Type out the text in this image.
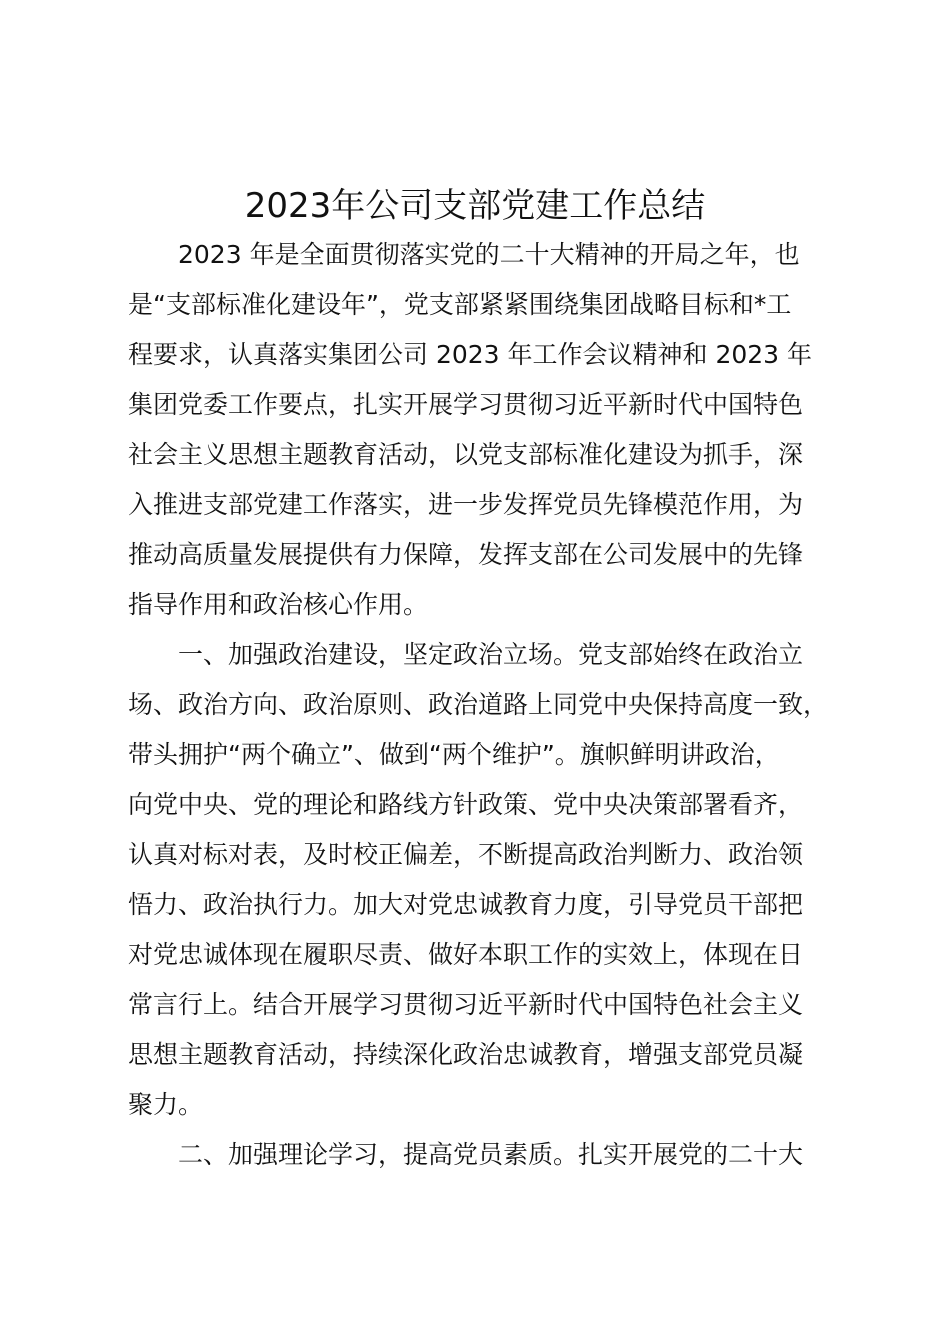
2023年公司支部党建工作总结

2023 年是全面贯彻落实党的二十大精神的开局之年，也

是“支部标准化建设年”，党支部紧紧围绕集团战略目标和*工

程要求，认真落实集团公司 2023 年工作会议精神和 2023 年

集团党委工作要点，扎实开展学习贯彻习近平新时代中国特色

社会主义思想主题教育活动，以党支部标准化建设为抓手，深

入推进支部党建工作落实，进一步发挥党员先锋模范作用，为

推动高质量发展提供有力保障，发挥支部在公司发展中的先锋

指导作用和政治核心作用。

一、加强政治建设，坚定政治立场。党支部始终在政治立

场、政治方向、政治原则、政治道路上同党中央保持高度一致，

带头拥护“两个确立”、做到“两个维护”。旗帜鲜明讲政治，

向党中央、党的理论和路线方针政策、党中央决策部署看齐，

认真对标对表，及时校正偏差，不断提高政治判断力、政治领

悟力、政治执行力。加大对党忠诚教育力度，引导党员干部把

对党忠诚体现在履职尽责、做好本职工作的实效上，体现在日

常言行上。结合开展学习贯彻习近平新时代中国特色社会主义

思想主题教育活动，持续深化政治忠诚教育，增强支部党员凝

聚力。

二、加强理论学习，提高党员素质。扎实开展党的二十大
